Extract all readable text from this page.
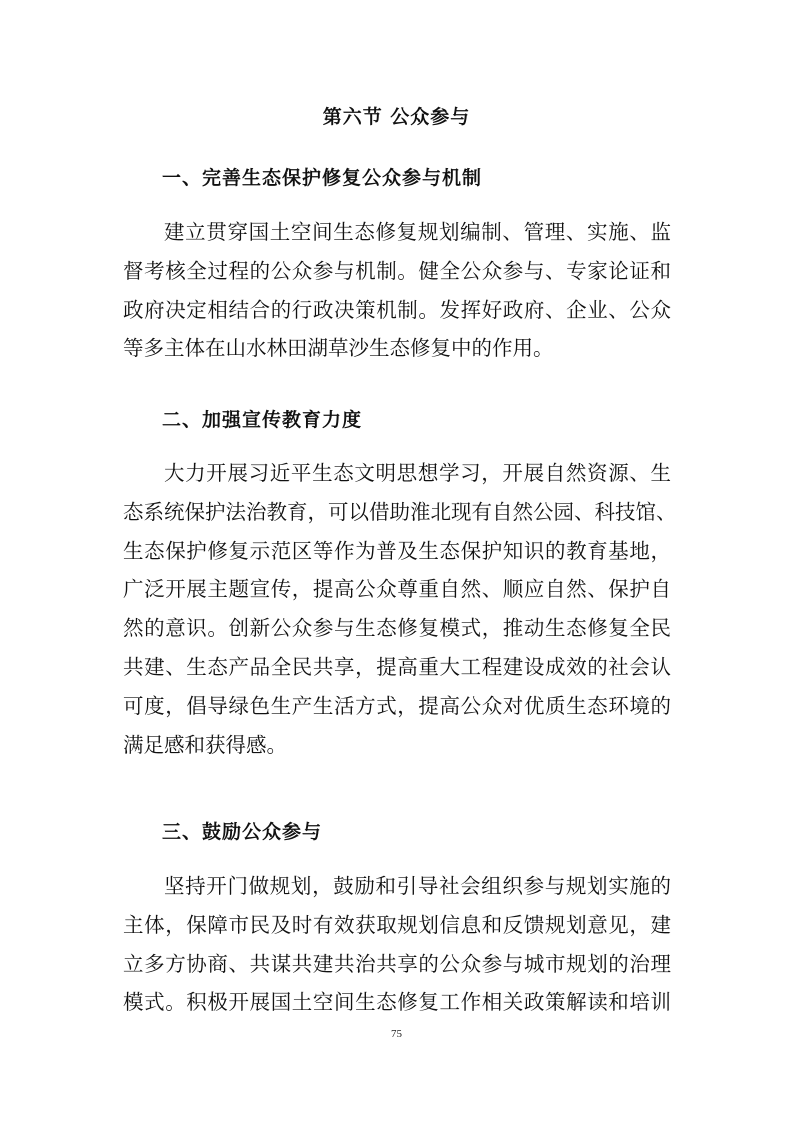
第六节 公众参与
一、完善生态保护修复公众参与机制
建立贯穿国土空间生态修复规划编制、管理、实施、监
督考核全过程的公众参与机制。健全公众参与、专家论证和
政府决定相结合的行政决策机制。发挥好政府、企业、公众
等多主体在山水林田湖草沙生态修复中的作用。
二、加强宣传教育力度
大力开展习近平生态文明思想学习，开展自然资源、生
态系统保护法治教育，可以借助淮北现有自然公园、科技馆、
生态保护修复示范区等作为普及生态保护知识的教育基地，
广泛开展主题宣传，提高公众尊重自然、顺应自然、保护自
然的意识。创新公众参与生态修复模式，推动生态修复全民
共建、生态产品全民共享，提高重大工程建设成效的社会认
可度，倡导绿色生产生活方式，提高公众对优质生态环境的
满足感和获得感。
三、鼓励公众参与
坚持开门做规划，鼓励和引导社会组织参与规划实施的
主体，保障市民及时有效获取规划信息和反馈规划意见，建
立多方协商、共谋共建共治共享的公众参与城市规划的治理
模式。积极开展国土空间生态修复工作相关政策解读和培训

75
